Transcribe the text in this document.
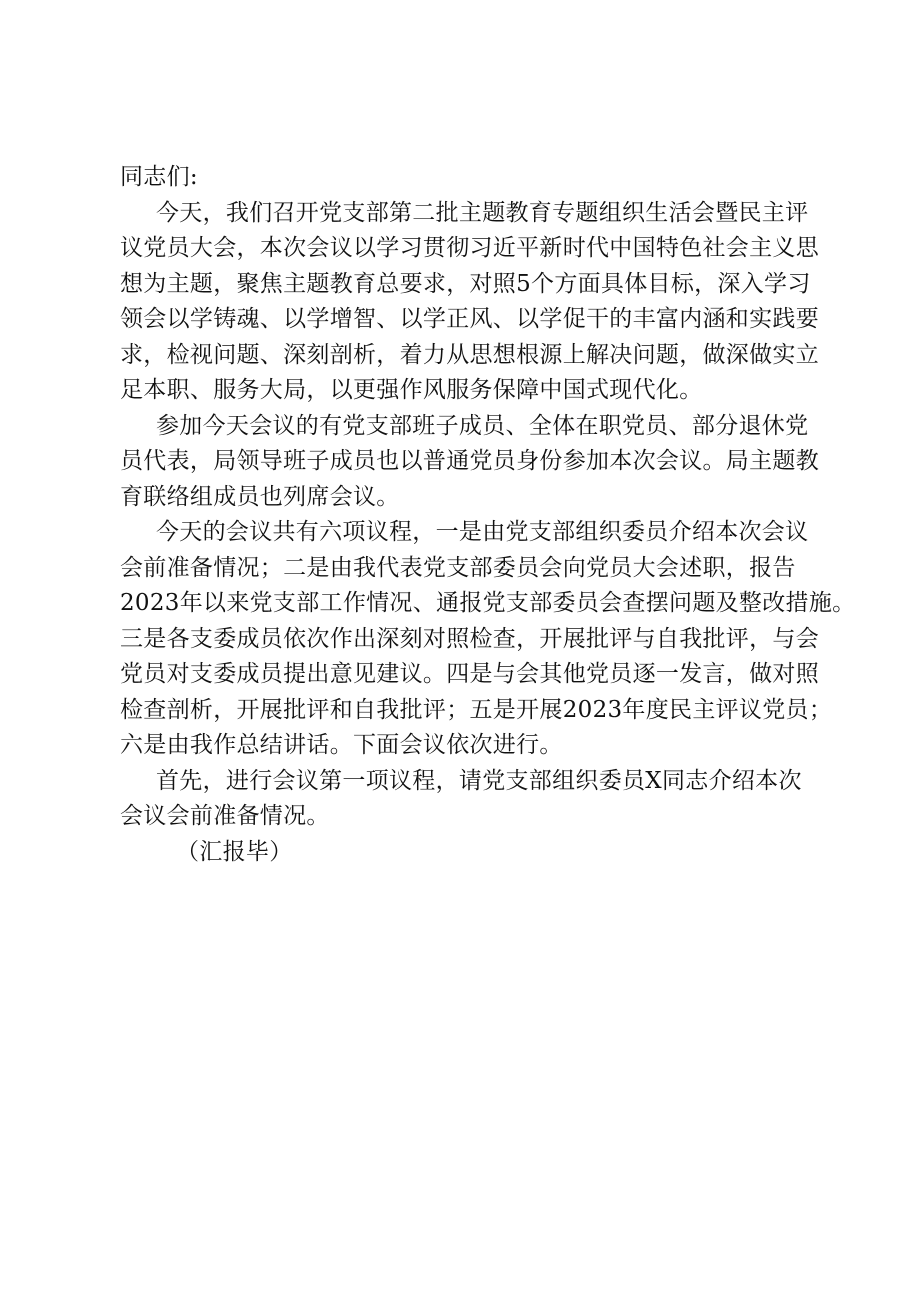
同志们:

今天，我们召开党支部第二批主题教育专题组织生活会暨民主评
议党员大会，本次会议以学习贯彻习近平新时代中国特色社会主义思
想为主题，聚焦主题教育总要求，对照5个方面具体目标，深入学习
领会以学铸魂、以学增智、以学正风、以学促干的丰富内涵和实践要
求，检视问题、深刻剖析，着力从思想根源上解决问题，做深做实立
足本职、服务大局，以更强作风服务保障中国式现代化。

参加今天会议的有党支部班子成员、全体在职党员、部分退休党
员代表，局领导班子成员也以普通党员身份参加本次会议。局主题教
育联络组成员也列席会议。

今天的会议共有六项议程，一是由党支部组织委员介绍本次会议
会前准备情况；二是由我代表党支部委员会向党员大会述职，报告
2023年以来党支部工作情况、通报党支部委员会查摆问题及整改措施。
三是各支委成员依次作出深刻对照检查，开展批评与自我批评，与会
党员对支委成员提出意见建议。四是与会其他党员逐一发言，做对照
检查剖析，开展批评和自我批评；五是开展2023年度民主评议党员；
六是由我作总结讲话。下面会议依次进行。

首先，进行会议第一项议程，请党支部组织委员X同志介绍本次
会议会前准备情况。

（汇报毕）
